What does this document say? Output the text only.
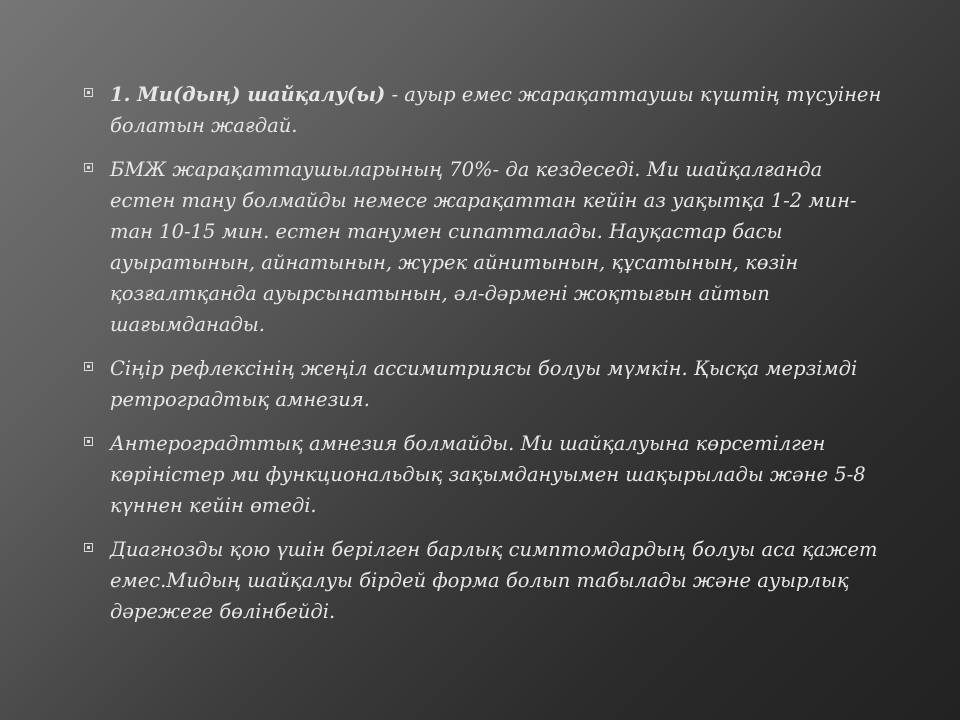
1. Ми(дың) шайқалу(ы) - ауыр емес жарақаттаушы күштің түсуінен болатын жағдай.
БМЖ жарақаттаушыларының 70%- да кездеседі. Ми шайқалғанда естен тану болмайды немесе жарақаттан кейін аз уақытқа 1-2 мин-тан 10-15 мин. естен танумен сипатталады. Науқастар басы ауыратынын, айнатынын, жүрек айнитынын, құсатынын, көзін қозғалтқанда ауырсынатынын, әл-дәрмені жоқтығын айтып шағымданады.
Сіңір рефлексінің жеңіл ассимитриясы болуы мүмкін. Қысқа мерзімді ретроградтық амнезия.
Антероградттық амнезия болмайды. Ми шайқалуына көрсетілген көріністер ми функциональдық зақымдануымен шақырылады және 5-8 күннен кейін өтеді.
Диагнозды қою үшін берілген барлық симптомдардың болуы аса қажет емес.Мидың шайқалуы бірдей форма болып табылады және ауырлық дәрежеге бөлінбейді.
